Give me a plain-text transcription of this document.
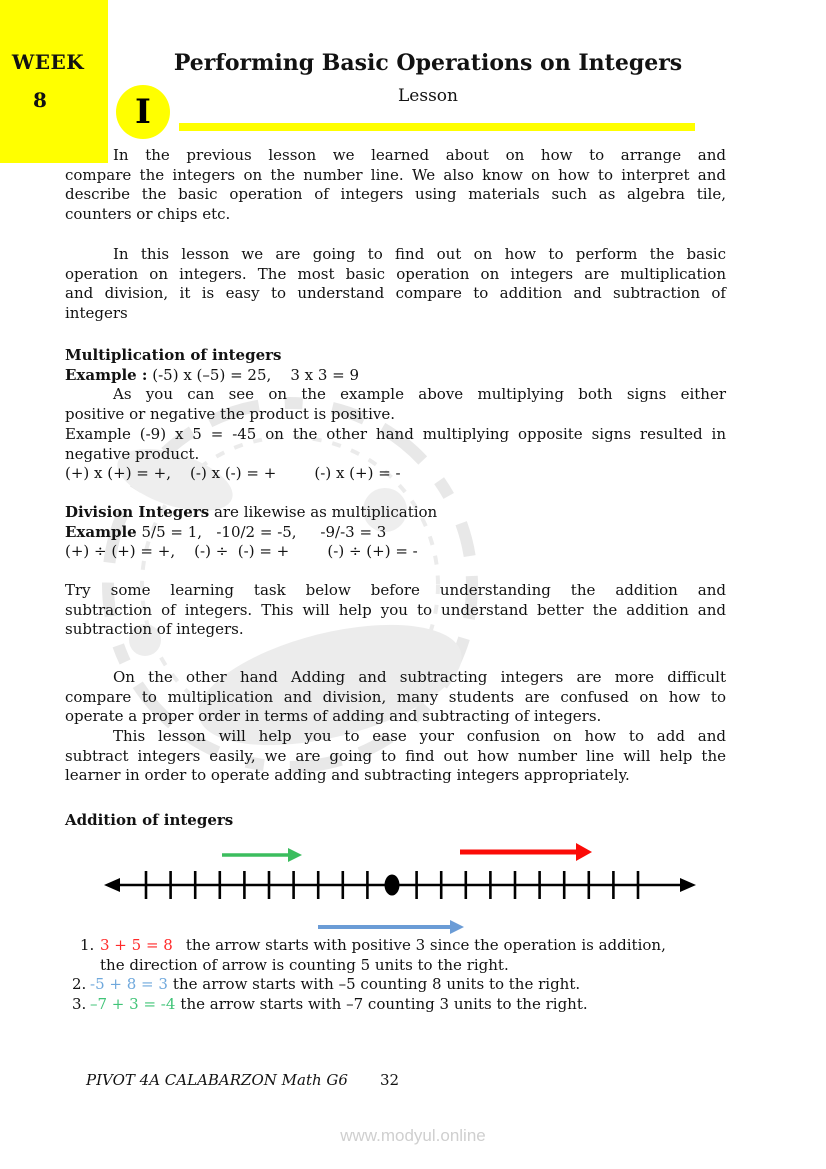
WEEK
8
Performing Basic Operations on Integers
Lesson
I
In the previous lesson we learned about on how to arrange and
compare the integers on the number line. We also know on how to interpret and
describe the basic operation of integers using materials such as algebra tile,
counters or chips etc.
In this lesson we are going to find out on how to perform the basic
operation on integers. The most basic operation on integers are multiplication
and division, it is easy to understand compare to addition and subtraction of
integers
Multiplication of integers
Example : (-5) x (–5) = 25,    3 x 3 = 9
As you can see on the example above multiplying both signs either
positive or negative the product is positive.
Example (-9) x 5 = -45 on the other hand multiplying opposite signs resulted in
negative product.
(+) x (+) = +,    (-) x (-) = +        (-) x (+) = -
Division Integers are likewise as multiplication
Example 5/5 = 1,   -10/2 = -5,     -9/-3 = 3
(+) ÷ (+) = +,    (-) ÷  (-) = +        (-) ÷ (+) = -
Try some learning task below before understanding the addition and
subtraction of integers. This will help you to understand better the addition and
subtraction of integers.
On the other hand Adding and subtracting integers are more difficult
compare to multiplication and division, many students are confused on how to
operate a proper order in terms of adding and subtracting of integers.
This lesson will help you to ease your confusion on how to add and
subtract integers easily, we are going to find out how number line will help the
learner in order to operate adding and subtracting integers appropriately.
Addition of integers
1. 3 + 5 = 8 the arrow starts with positive 3 since the operation is addition,
the direction of arrow is counting 5 units to the right.
2. -5 + 8 = 3 the arrow starts with –5 counting 8 units to the right.
3. –7 + 3 = -4 the arrow starts with –7 counting 3 units to the right.
PIVOT 4A CALABARZON Math G6 32
www.modyul.online
